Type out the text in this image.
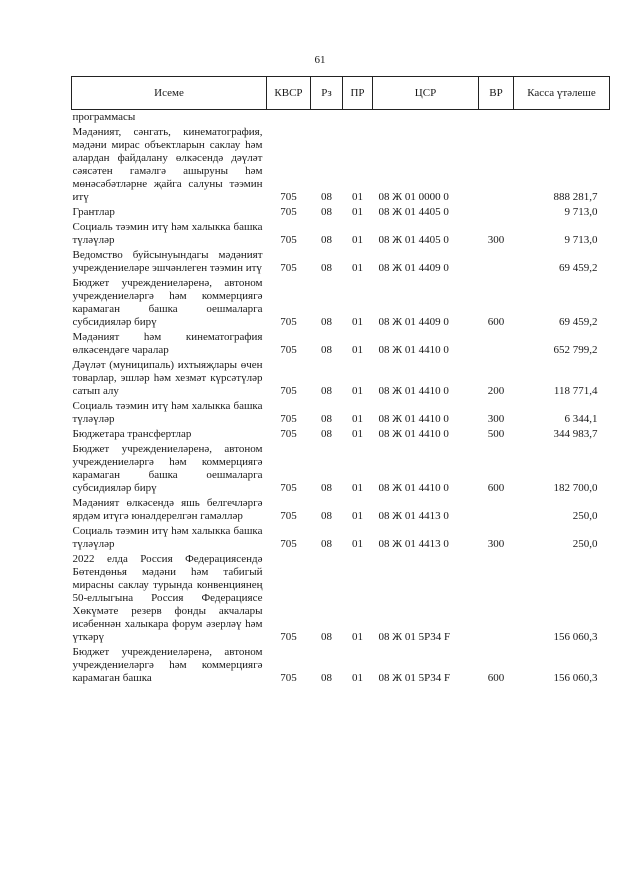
61
Исеме	КВСР	Рз	ПР	ЦСР	ВР	Касса үтәлеше
программасы						
Мәдәният, сәнгать, кинематография, мәдәни мирас объектларын саклау һәм алардан файдалану өлкәсендә дәүләт сәясәтен гамәлгә ашыруны һәм мөнәсәбәтләрне җайга салуны тәэмин итү	705	08	01	08 Ж 01 0000 0		888 281,7
Грантлар	705	08	01	08 Ж 01 4405 0		9 713,0
Социаль тәэмин итү һәм халыкка башка түләүләр	705	08	01	08 Ж 01 4405 0	300	9 713,0
Ведомство буйсынуындагы мәдәният учреждениеләре эшчәнлеген тәэмин итү	705	08	01	08 Ж 01 4409 0		69 459,2
Бюджет учреждениеләренә, автоном учреждениеләргә һәм коммерциягә карамаган башка оешмаларга субсидияләр бирү	705	08	01	08 Ж 01 4409 0	600	69 459,2
Мәдәният һәм кинематография өлкәсендәге чаралар	705	08	01	08 Ж 01 4410 0		652 799,2
Дәүләт (муниципаль) ихтыяҗлары өчен товарлар, эшләр һәм хезмәт күрсәтүләр сатып алу	705	08	01	08 Ж 01 4410 0	200	118 771,4
Социаль тәэмин итү һәм халыкка башка түләүләр	705	08	01	08 Ж 01 4410 0	300	6 344,1
Бюджетара трансфертлар	705	08	01	08 Ж 01 4410 0	500	344 983,7
Бюджет учреждениеләренә, автоном учреждениеләргә һәм коммерциягә карамаган башка оешмаларга субсидияләр бирү	705	08	01	08 Ж 01 4410 0	600	182 700,0
Мәдәният өлкәсендә яшь белгечләргә ярдәм итүгә юнәлдерелгән гамәлләр	705	08	01	08 Ж 01 4413 0		250,0
Социаль тәэмин итү һәм халыкка башка түләүләр	705	08	01	08 Ж 01 4413 0	300	250,0
2022 елда Россия Федерациясендә Бөтендөнья мәдәни һәм табигый мирасны саклау турында конвенциянең 50-еллыгына Россия Федерациясе Хөкүмәте резерв фонды акчалары исәбеннән халыкара форум әзерләү һәм үткәрү	705	08	01	08 Ж 01 5Р34 F		156 060,3
Бюджет учреждениеләренә, автоном учреждениеләргә һәм коммерциягә карамаган башка	705	08	01	08 Ж 01 5Р34 F	600	156 060,3
